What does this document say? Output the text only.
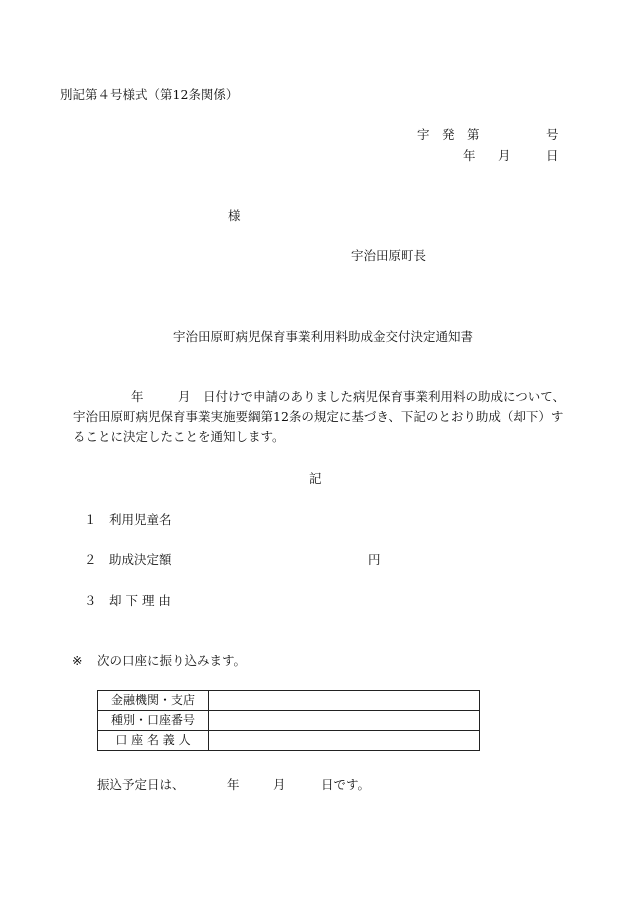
別記第４号様式（第12条関係）
宇　発　第	号
年 月	日
様
宇治田原町長
宇治田原町病児保育事業利用料助成金交付決定通知書
年	月 日付けで申請のありました病児保育事業利用料の助成について、
宇治田原町病児保育事業実施要綱第12条の規定に基づき、下記のとおり助成（却下）す
ることに決定したことを通知します。
記
１ 利用児童名
２ 助成決定額	円
３ 却 下 理 由
※ 次の口座に振り込みます。
金融機関・支店	
種別・口座番号	
口 座 名 義 人	
振込予定日は、	年	月	日です。
